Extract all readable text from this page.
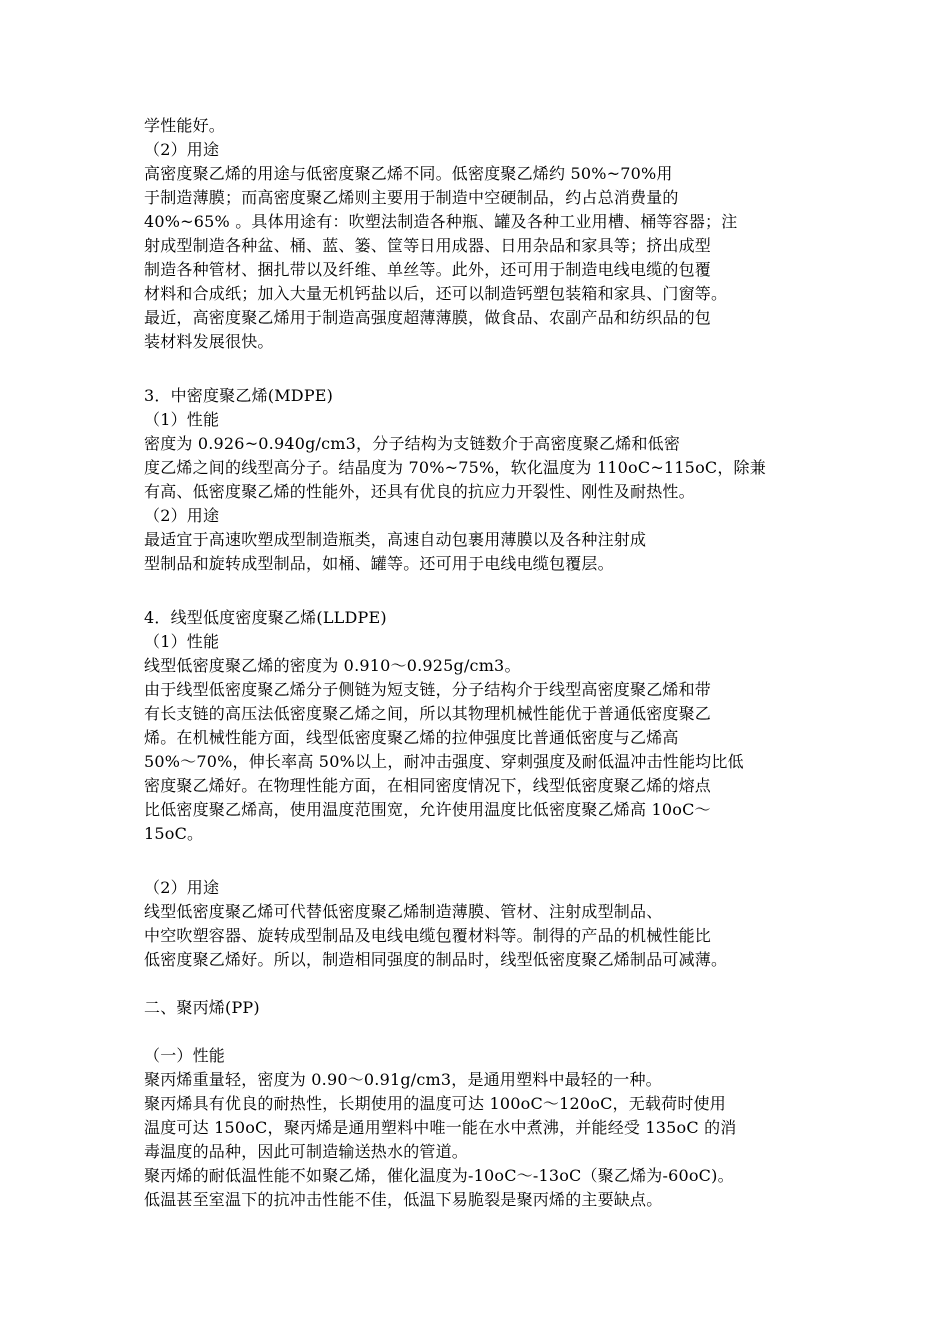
学性能好。
（2）用途
高密度聚乙烯的用途与低密度聚乙烯不同。低密度聚乙烯约 50%~70%用
于制造薄膜；而高密度聚乙烯则主要用于制造中空硬制品，约占总消费量的
40%~65% 。具体用途有：吹塑法制造各种瓶、罐及各种工业用槽、桶等容器；注
射成型制造各种盆、桶、蓝、篓、筐等日用成器、日用杂品和家具等；挤出成型
制造各种管材、捆扎带以及纤维、单丝等。此外，还可用于制造电线电缆的包覆
材料和合成纸；加入大量无机钙盐以后，还可以制造钙塑包装箱和家具、门窗等。
最近，高密度聚乙烯用于制造高强度超薄薄膜，做食品、农副产品和纺织品的包
装材料发展很快。
3．中密度聚乙烯(MDPE)
（1）性能
密度为 0.926~0.940g/cm3，分子结构为支链数介于高密度聚乙烯和低密
度乙烯之间的线型高分子。结晶度为 70%~75%，软化温度为 110oC~115oC，除兼
有高、低密度聚乙烯的性能外，还具有优良的抗应力开裂性、刚性及耐热性。
（2）用途
最适宜于高速吹塑成型制造瓶类，高速自动包裹用薄膜以及各种注射成
型制品和旋转成型制品，如桶、罐等。还可用于电线电缆包覆层。
4．线型低度密度聚乙烯(LLDPE)
（1）性能
线型低密度聚乙烯的密度为 0.910～0.925g/cm3。
由于线型低密度聚乙烯分子侧链为短支链，分子结构介于线型高密度聚乙烯和带
有长支链的高压法低密度聚乙烯之间，所以其物理机械性能优于普通低密度聚乙
烯。在机械性能方面，线型低密度聚乙烯的拉伸强度比普通低密度与乙烯高
50%～70%，伸长率高 50%以上，耐冲击强度、穿刺强度及耐低温冲击性能均比低
密度聚乙烯好。在物理性能方面，在相同密度情况下，线型低密度聚乙烯的熔点
比低密度聚乙烯高，使用温度范围宽，允许使用温度比低密度聚乙烯高 10oC～
15oC。
（2）用途
线型低密度聚乙烯可代替低密度聚乙烯制造薄膜、管材、注射成型制品、
中空吹塑容器、旋转成型制品及电线电缆包覆材料等。制得的产品的机械性能比
低密度聚乙烯好。所以，制造相同强度的制品时，线型低密度聚乙烯制品可减薄。
二、聚丙烯(PP)
（一）性能
聚丙烯重量轻，密度为 0.90～0.91g/cm3，是通用塑料中最轻的一种。
聚丙烯具有优良的耐热性，长期使用的温度可达 100oC～120oC，无载荷时使用
温度可达 150oC，聚丙烯是通用塑料中唯一能在水中煮沸，并能经受 135oC 的消
毒温度的品种，因此可制造输送热水的管道。
聚丙烯的耐低温性能不如聚乙烯，催化温度为-10oC～-13oC（聚乙烯为-60oC)。
低温甚至室温下的抗冲击性能不佳，低温下易脆裂是聚丙烯的主要缺点。
